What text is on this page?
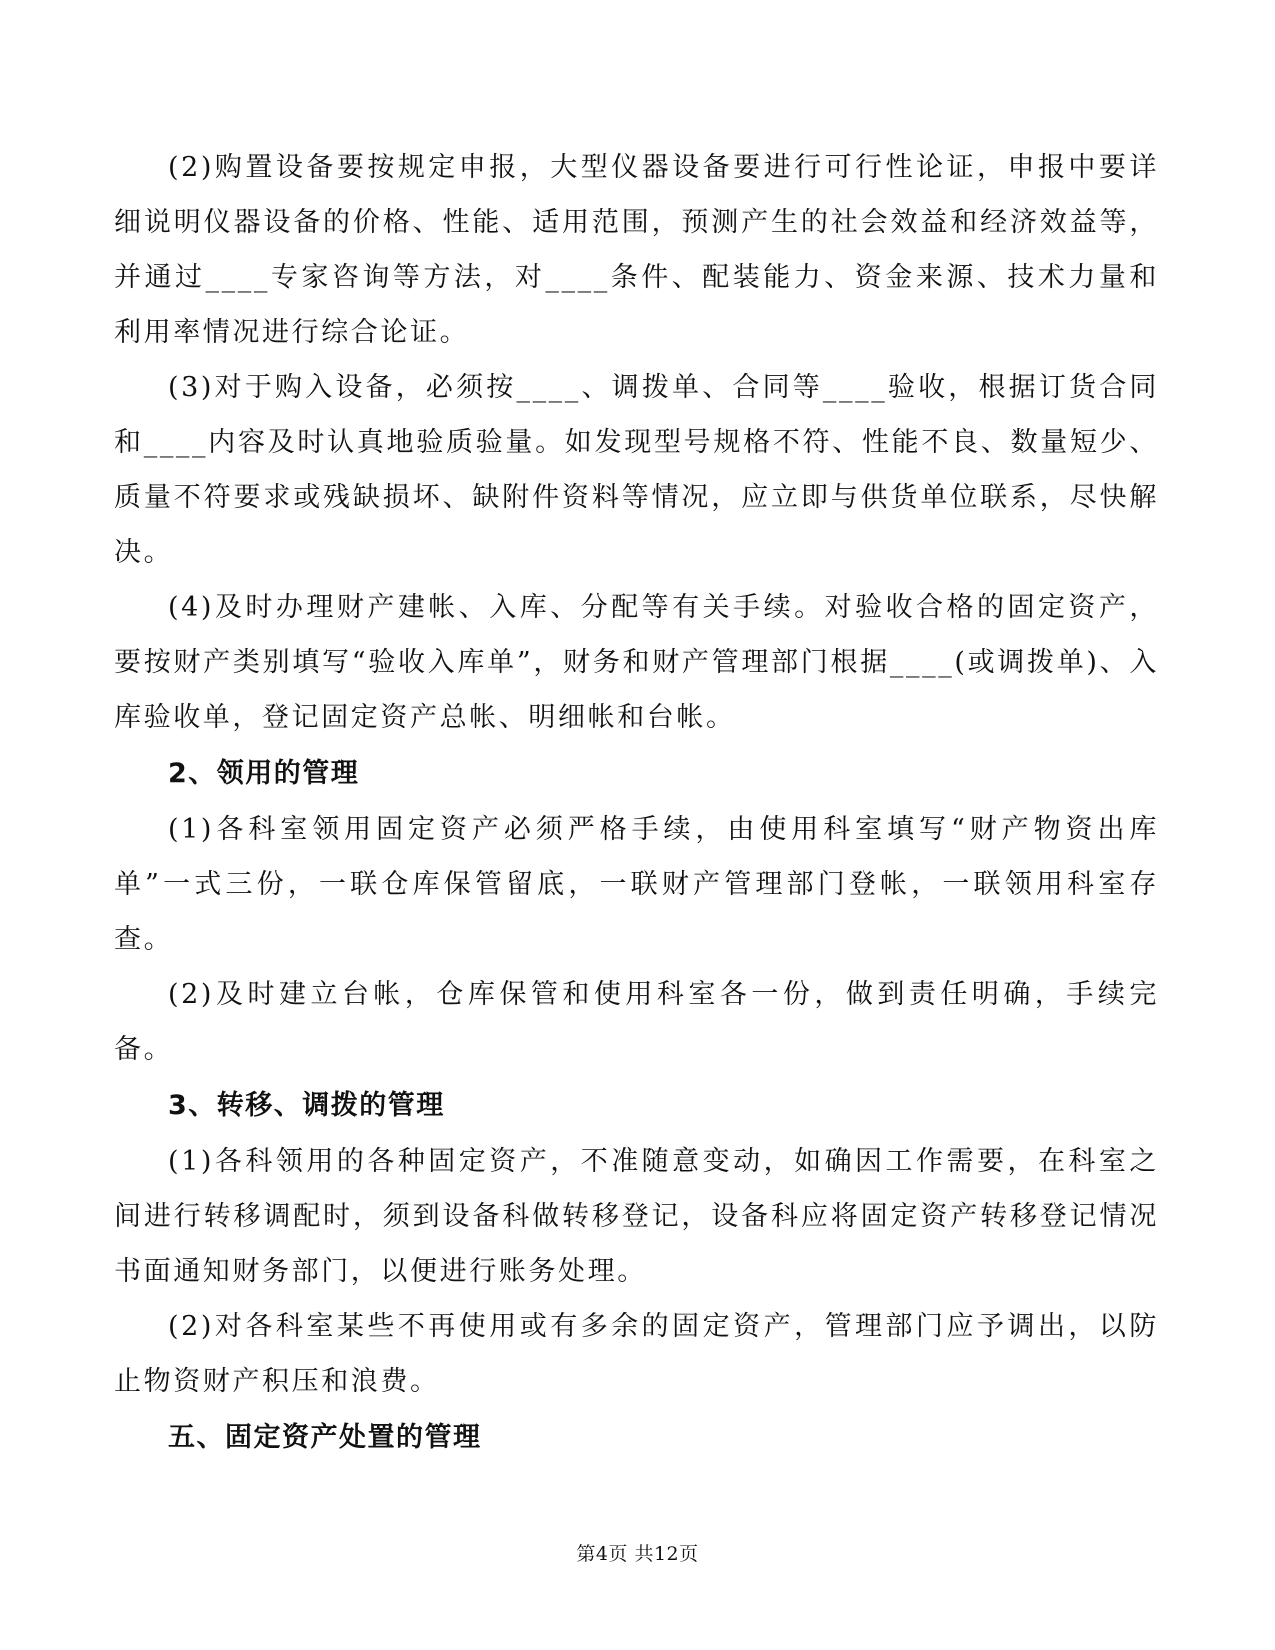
(2)购置设备要按规定申报，大型仪器设备要进行可行性论证，申报中要详细说明仪器设备的价格、性能、适用范围，预测产生的社会效益和经济效益等，并通过____专家咨询等方法，对____条件、配装能力、资金来源、技术力量和利用率情况进行综合论证。

(3)对于购入设备，必须按____、调拨单、合同等____验收，根据订货合同和____内容及时认真地验质验量。如发现型号规格不符、性能不良、数量短少、质量不符要求或残缺损坏、缺附件资料等情况，应立即与供货单位联系，尽快解决。

(4)及时办理财产建帐、入库、分配等有关手续。对验收合格的固定资产，要按财产类别填写“验收入库单”，财务和财产管理部门根据____(或调拨单)、入库验收单，登记固定资产总帐、明细帐和台帐。

2、领用的管理

(1)各科室领用固定资产必须严格手续，由使用科室填写“财产物资出库单”一式三份，一联仓库保管留底，一联财产管理部门登帐，一联领用科室存查。

(2)及时建立台帐，仓库保管和使用科室各一份，做到责任明确，手续完备。

3、转移、调拨的管理

(1)各科领用的各种固定资产，不准随意变动，如确因工作需要，在科室之间进行转移调配时，须到设备科做转移登记，设备科应将固定资产转移登记情况书面通知财务部门，以便进行账务处理。

(2)对各科室某些不再使用或有多余的固定资产，管理部门应予调出，以防止物资财产积压和浪费。

五、固定资产处置的管理

第4页 共12页
